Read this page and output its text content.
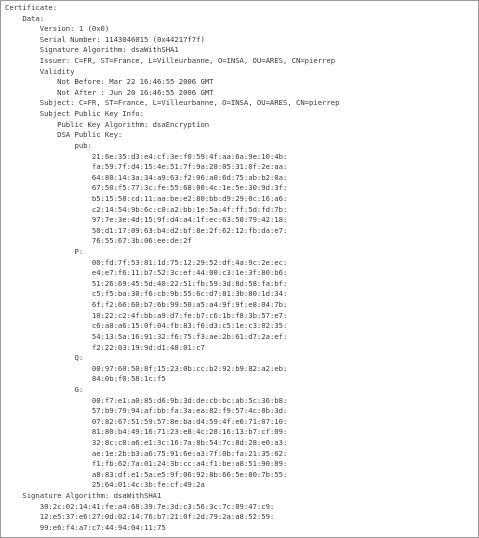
Certificate:
Data:
Version: 1 (0x0)
Serial Number: 1143046015 (0x44217f7f)
Signature Algorithm: dsaWithSHA1
Issuer: C=FR, ST=France, L=Villeurbanne, O=INSA, OU=ARES, CN=pierrep
Validity
Not Before: Mar 22 16:46:55 2006 GMT
Not After : Jun 20 16:46:55 2006 GMT
Subject: C=FR, ST=France, L=Villeurbanne, O=INSA, OU=ARES, CN=pierrep
Subject Public Key Info:
Public Key Algorithm: dsaEncryption
DSA Public Key:
pub:
21:6e:35:d3:e4:cf:3e:f0:59:4f:aa:6a:9e:10:4b:
fa:59:7f:d4:15:4e:51:7f:9a:28:05:31:0f:2e:aa:
64:80:14:3a:34:a9:63:f2:06:a0:6d:75:ab:b2:0a:
67:50:f5:77:3c:fe:55:68:00:4c:1e:5e:30:9d:3f:
b5:15:58:cd:11:aa:be:e2:80:bb:d9:29:0c:16:a6:
c2:14:54:9b:6c:c0:a2:bb:1e:5a:4f:ff:5d:fd:7b:
97:7e:3e:4d:15:9f:d4:a4:1f:ec:63:50:79:42:18:
50:d1:17:09:63:b4:d2:bf:8e:2f:62:12:fb:da:e7:
76:55:67:3b:06:ee:de:2f
P:
00:fd:7f:53:81:1d:75:12:29:52:df:4a:9c:2e:ec:
e4:e7:f6:11:b7:52:3c:ef:44:00:c3:1e:3f:80:b6:
51:26:69:45:5d:40:22:51:fb:59:3d:8d:58:fa:bf:
c5:f5:ba:30:f6:cb:9b:55:6c:d7:81:3b:80:1d:34:
6f:f2:66:60:b7:6b:99:50:a5:a4:9f:9f:e8:04:7b:
10:22:c2:4f:bb:a9:d7:fe:b7:c6:1b:f8:3b:57:e7:
c6:a8:a6:15:0f:04:fb:83:f6:d3:c5:1e:c3:02:35:
54:13:5a:16:91:32:f6:75:f3:ae:2b:61:d7:2a:ef:
f2:22:03:19:9d:d1:48:01:c7
Q:
00:97:60:50:8f:15:23:0b:cc:b2:92:b9:82:a2:eb:
84:0b:f0:58:1c:f5
G:
00:f7:e1:a0:85:d6:9b:3d:de:cb:bc:ab:5c:36:b8:
57:b9:79:94:af:bb:fa:3a:ea:82:f9:57:4c:0b:3d:
07:82:67:51:59:57:8e:ba:d4:59:4f:e6:71:07:10:
81:80:b4:49:16:71:23:e8:4c:28:16:13:b7:cf:09:
32:8c:c8:a6:e1:3c:16:7a:8b:54:7c:8d:28:e0:a3:
ae:1e:2b:b3:a6:75:91:6e:a3:7f:0b:fa:21:35:62:
f1:fb:62:7a:01:24:3b:cc:a4:f1:be:a8:51:90:89:
a8:83:df:e1:5a:e5:9f:06:92:8b:66:5e:80:7b:55:
25:64:01:4c:3b:fe:cf:49:2a
Signature Algorithm: dsaWithSHA1
30:2c:02:14:41:fe:a4:68:39:7e:3d:c3:56:3c:7c:09:47:c9:
12:e5:37:e6:27:0d:02:14:76:b7:21:0f:2d:79:2a:a8:52:59:
99:e6:f4:a7:c7:44:94:04:11:75
